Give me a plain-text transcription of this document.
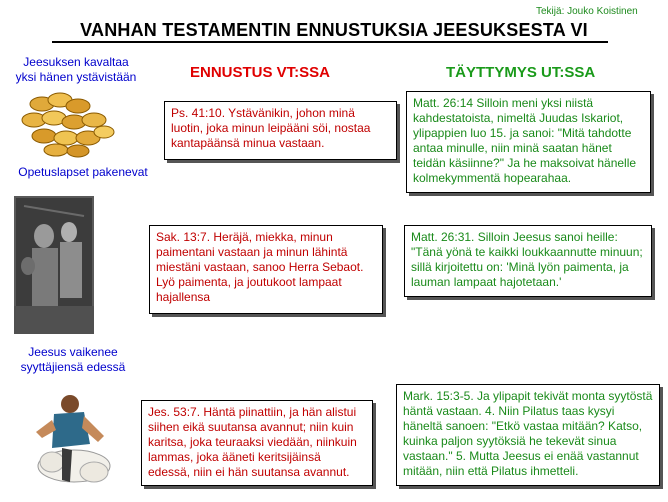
Tekijä: Jouko Koistinen
VANHAN TESTAMENTIN ENNUSTUKSIA JEESUKSESTA VI
ENNUSTUS VT:SSA	TÄYTTYMYS UT:SSA
Jeesuksen kavaltaa
yksi hänen ystävistään
Opetuslapset pakenevat
Jeesus vaikenee
syyttäjiensä edessä
Ps. 41:10. Ystävänikin, johon minä luotin, joka minun leipääni söi, nostaa kantapäänsä minua vastaan.
Sak. 13:7. Heräjä, miekka, minun paimentani vastaan ja minun lähintä miestäni vastaan, sanoo Herra Sebaot. Lyö paimenta, ja joutukoot lampaat hajallensa
Jes. 53:7. Häntä piinattiin, ja hän alistui siihen eikä suutansa avannut; niin kuin karitsa, joka teuraaksi viedään, niinkuin lammas, joka ääneti keritsijäinsä edessä, niin ei hän suutansa avannut.
Matt. 26:14 Silloin meni yksi niistä kahdestatoista, nimeltä Juudas Iskariot, ylipappien luo 15. ja sanoi: "Mitä tahdotte antaa minulle, niin minä saatan hänet teidän käsiinne?" Ja he maksoivat hänelle kolmekymmentä hopearahaa.
Matt. 26:31. Silloin Jeesus sanoi heille: "Tänä yönä te kaikki loukkaannutte minuun; sillä kirjoitettu on: 'Minä lyön paimenta, ja lauman lampaat hajotetaan.'
Mark. 15:3-5. Ja ylipapit tekivät monta syytöstä häntä vastaan. 4. Niin Pilatus taas kysyi häneltä sanoen: "Etkö vastaa mitään? Katso, kuinka paljon syytöksiä he tekevät sinua vastaan." 5. Mutta Jeesus ei enää vastannut mitään, niin että Pilatus ihmetteli.
